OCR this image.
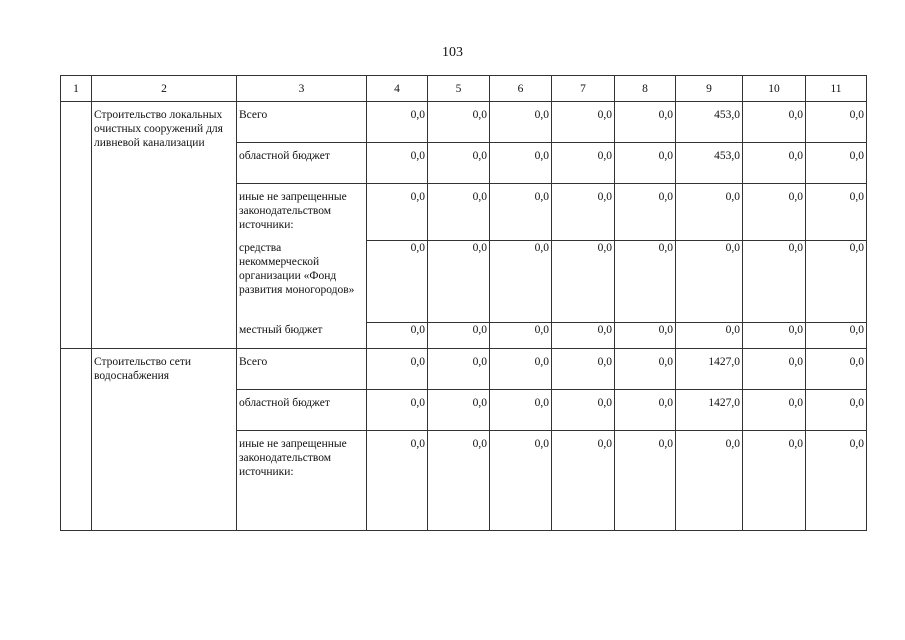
103
1	2	3	4	5	6	7	8	9	10	11
	Строительство локальных очистных сооружений для ливневой канализации	Всего	0,0	0,0	0,0	0,0	0,0	453,0	0,0	0,0
		областной бюджет	0,0	0,0	0,0	0,0	0,0	453,0	0,0	0,0
		иные не запрещенные законодательством источники:	0,0	0,0	0,0	0,0	0,0	0,0	0,0	0,0
		средства некоммерческой организации «Фонд развития моногородов»	0,0	0,0	0,0	0,0	0,0	0,0	0,0	0,0
		местный бюджет	0,0	0,0	0,0	0,0	0,0	0,0	0,0	0,0
	Строительство сети водоснабжения	Всего	0,0	0,0	0,0	0,0	0,0	1427,0	0,0	0,0
		областной бюджет	0,0	0,0	0,0	0,0	0,0	1427,0	0,0	0,0
		иные не запрещенные законодательством источники:	0,0	0,0	0,0	0,0	0,0	0,0	0,0	0,0
